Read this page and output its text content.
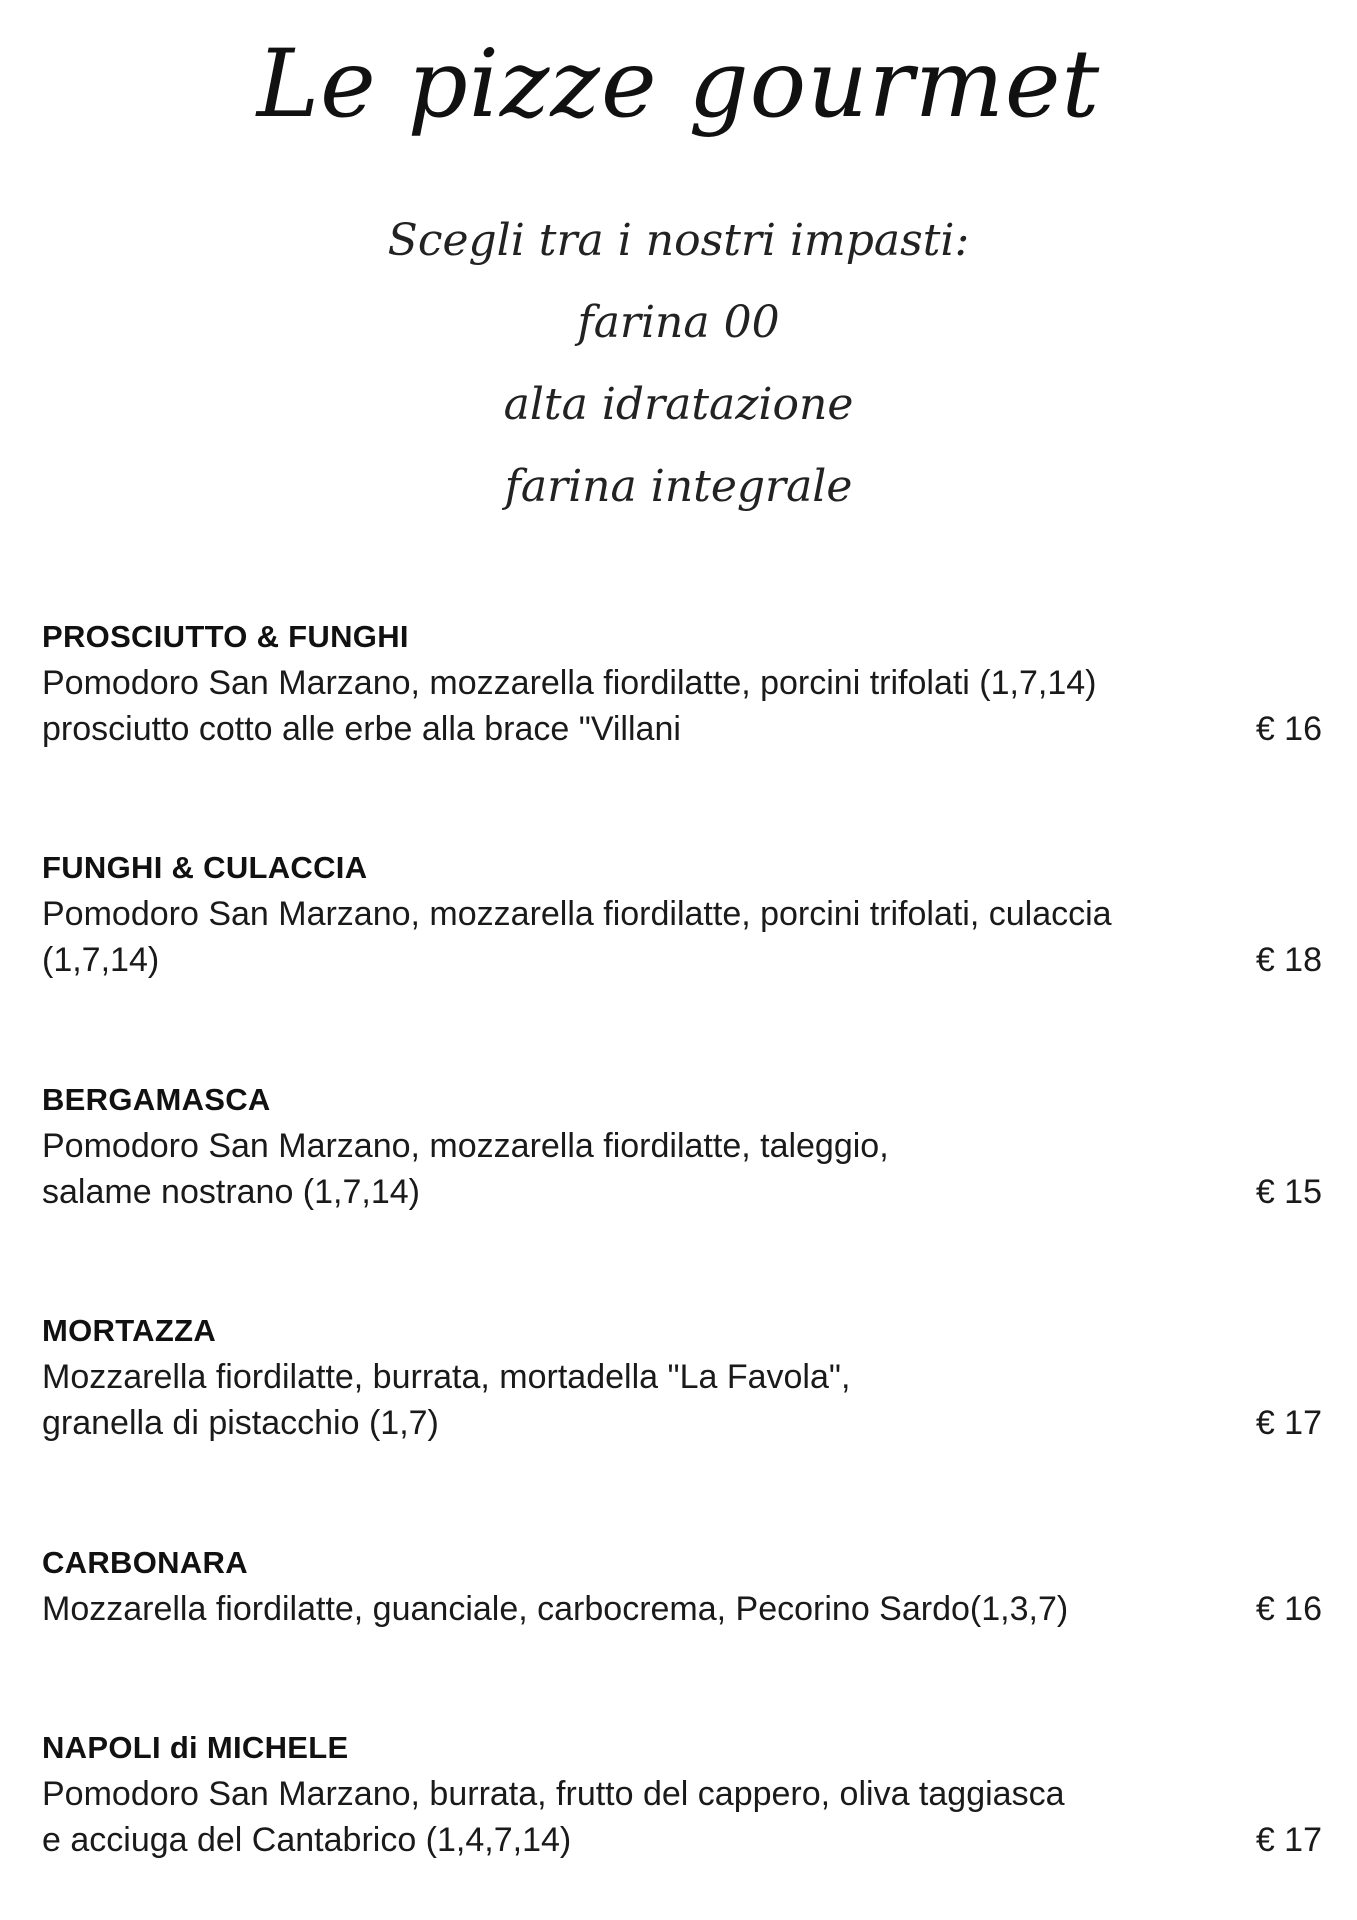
Le pizze gourmet
Scegli tra i nostri impasti:
farina 00
alta idratazione
farina integrale
PROSCIUTTO & FUNGHI
Pomodoro San Marzano, mozzarella fiordilatte, porcini trifolati (1,7,14)
prosciutto cotto alle erbe alla brace "Villani	€ 16
FUNGHI & CULACCIA
Pomodoro San Marzano, mozzarella fiordilatte, porcini trifolati, culaccia
(1,7,14)	€ 18
BERGAMASCA
Pomodoro San Marzano, mozzarella fiordilatte, taleggio,
salame nostrano (1,7,14)	€ 15
MORTAZZA
Mozzarella fiordilatte, burrata, mortadella "La Favola",
granella di pistacchio (1,7)	€ 17
CARBONARA
Mozzarella fiordilatte, guanciale, carbocrema, Pecorino Sardo(1,3,7)	€ 16
NAPOLI di MICHELE
Pomodoro San Marzano, burrata, frutto del cappero, oliva taggiasca
e acciuga del Cantabrico (1,4,7,14)	€ 17
